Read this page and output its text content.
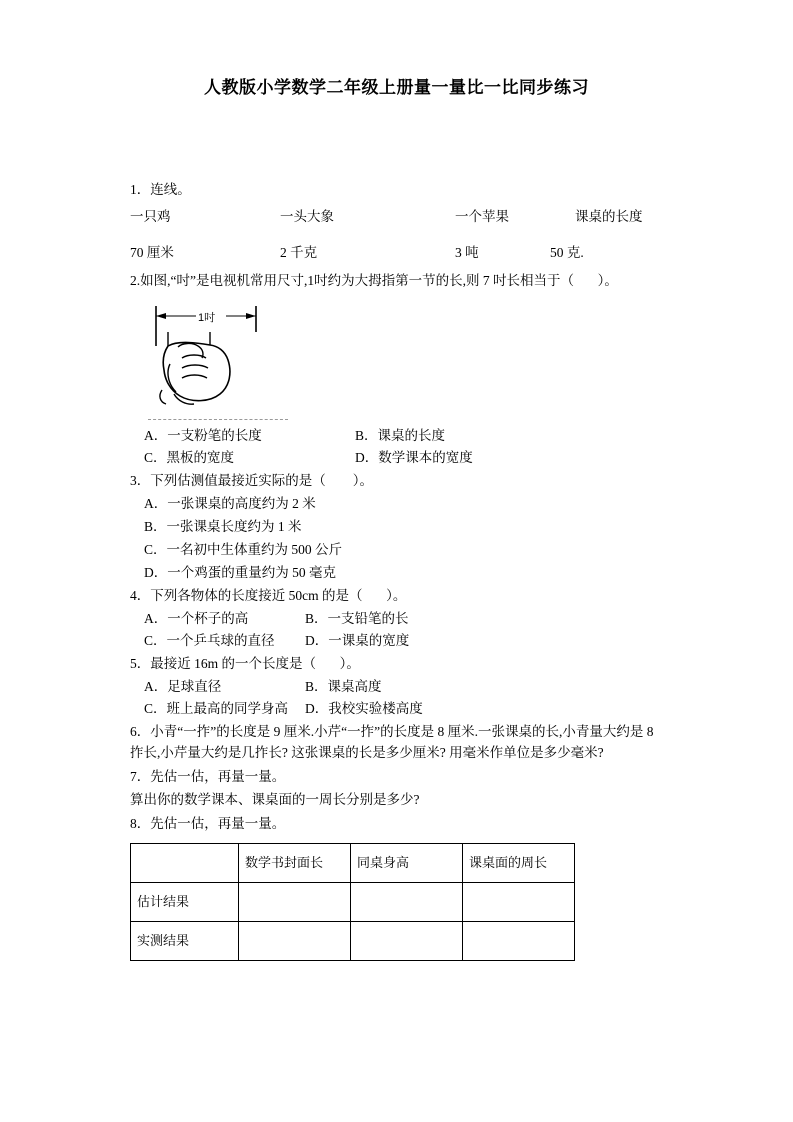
人教版小学数学二年级上册量一量比一比同步练习
1．连线。
一只鸡	一头大象	一个苹果	课桌的长度
70 厘米	2 千克	3 吨	50 克.
2.如图,“吋”是电视机常用尺寸,1吋约为大拇指第一节的长,则 7 吋长相当于（       ）。
1吋
A．一支粉笔的长度	B．课桌的长度
C．黑板的宽度	D．数学课本的宽度
3．下列估测值最接近实际的是（        ）。
A．一张课桌的高度约为 2 米
B．一张课桌长度约为 1 米
C．一名初中生体重约为 500 公斤
D．一个鸡蛋的重量约为 50 毫克
4．下列各物体的长度接近 50cm 的是（       ）。
A．一个杯子的高	B．一支铅笔的长
C．一个乒乓球的直径 D．一课桌的宽度
5．最接近 16m 的一个长度是（       ）。
A．足球直径	B．课桌高度
C．班上最高的同学身高 D．我校实验楼高度
6．小青“一拃”的长度是 9 厘米.小芹“一拃”的长度是 8 厘米.一张课桌的长,小青量大约是 8 拃长,小芹量大约是几拃长? 这张课桌的长是多少厘米? 用毫米作单位是多少毫米?
7．先估一估，再量一量。
算出你的数学课本、课桌面的一周长分别是多少?
8．先估一估，再量一量。
	数学书封面长	同桌身高	课桌面的周长
估计结果			
实测结果			
